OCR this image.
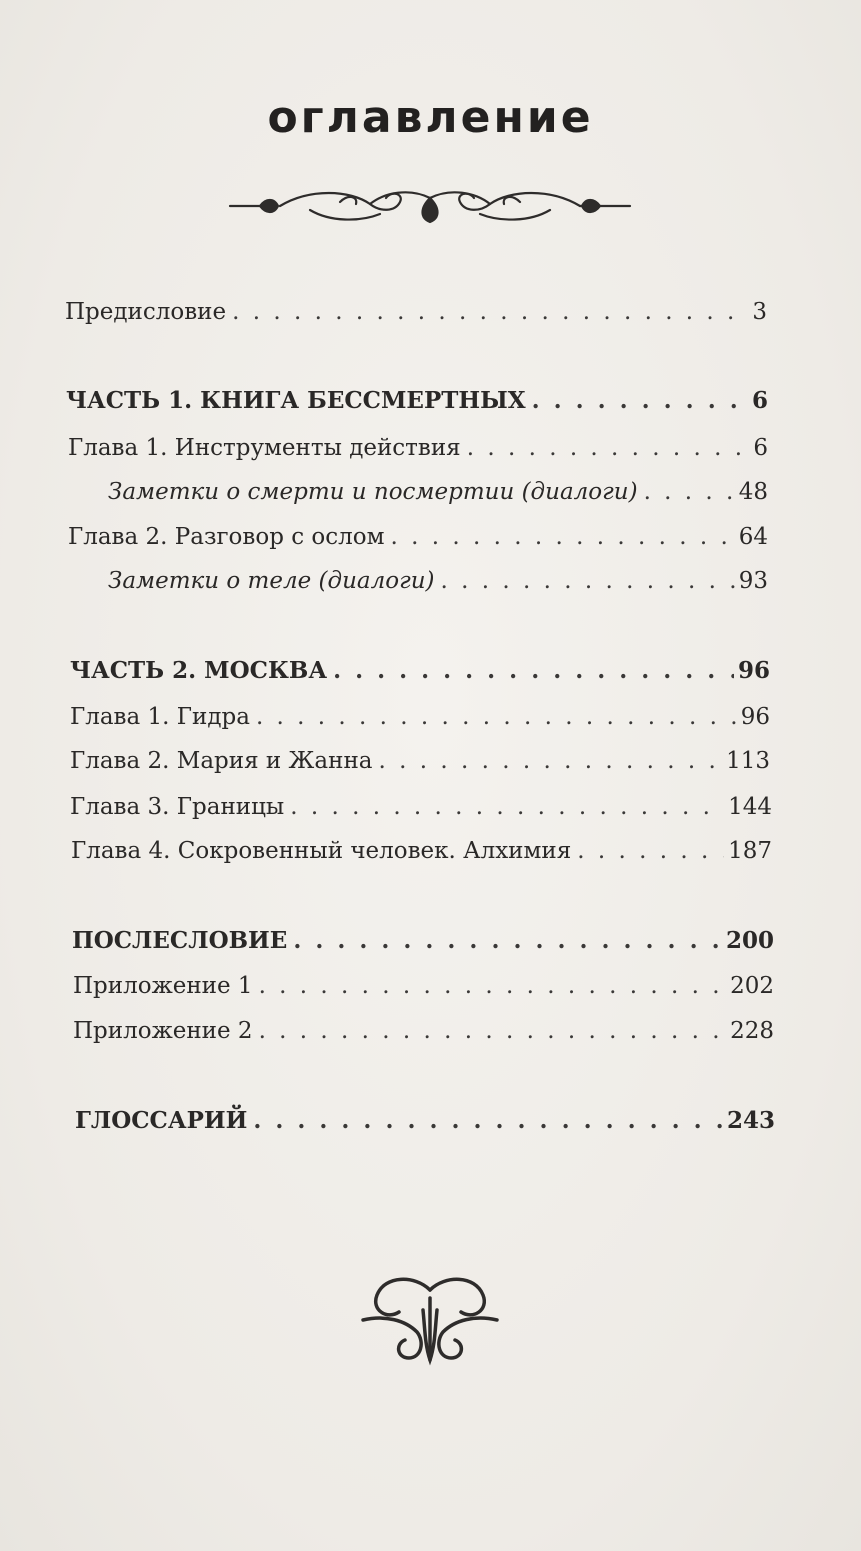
оглавление
Предисловие . . .	3
ЧАСТЬ 1. КНИГА БЕССМЕРТНЫХ . . .	6
Глава 1. Инструменты действия . . .	6
Заметки о смерти и посмертии (диалоги) . . .	48
Глава 2. Разговор с ослом . . .	64
Заметки о теле (диалоги) . . .	93
ЧАСТЬ 2. МОСКВА . . .	96
Глава 1. Гидра . . .	96
Глава 2. Мария и Жанна . . .	113
Глава 3. Границы . . .	144
Глава 4. Сокровенный человек. Алхимия . . .	187
ПОСЛЕСЛОВИЕ . . .	200
Приложение 1 . . .	202
Приложение 2 . . .	228
ГЛОССАРИЙ . . .	243
